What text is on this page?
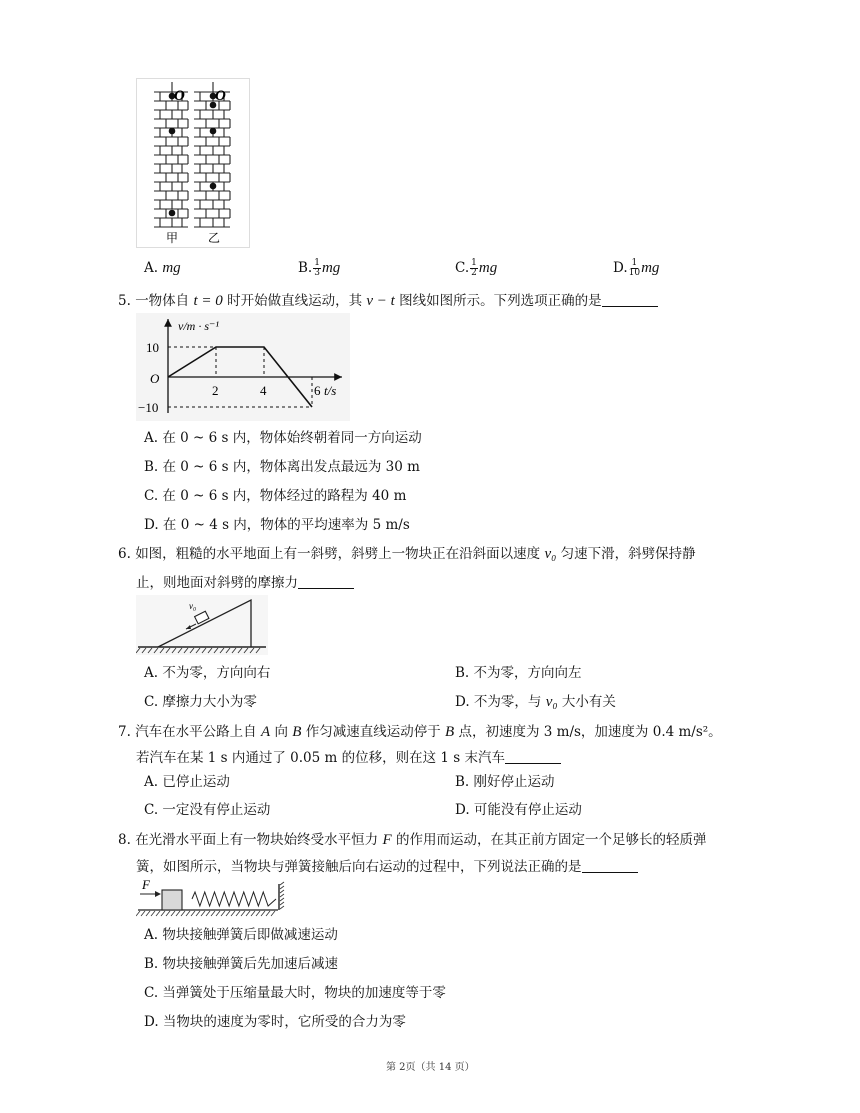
O O
甲 乙
A. mg	B. $\frac{1}{3}$ mg	C. $\frac{1}{2}$ mg	D. $\frac{1}{10}$ mg
5. 一物体自 t = 0 时开始做直线运动，其 v − t 图线如图所示。下列选项正确的是
v/m · s⁻¹
O
10
−10
2	4	6 t/s
A. 在 0 ~ 6 s 内，物体始终朝着同一方向运动
B. 在 0 ~ 6 s 内，物体离出发点最远为 30 m
C. 在 0 ~ 6 s 内，物体经过的路程为 40 m
D. 在 0 ~ 4 s 内，物体的平均速率为 5 m/s
6. 如图，粗糙的水平地面上有一斜劈，斜劈上一物块正在沿斜面以速度 v₀ 匀速下滑，斜劈保持静
止，则地面对斜劈的摩擦力
v₀
A. 不为零，方向向右	B. 不为零，方向向左
C. 摩擦力大小为零	D. 不为零，与 v₀ 大小有关
7. 汽车在水平公路上自 A 向 B 作匀减速直线运动停于 B 点，初速度为 3 m/s，加速度为 0.4 m/s²。
若汽车在某 1 s 内通过了 0.05 m 的位移，则在这 1 s 末汽车
A. 已停止运动	B. 刚好停止运动
C. 一定没有停止运动	D. 可能没有停止运动
8. 在光滑水平面上有一物块始终受水平恒力 F 的作用而运动，在其正前方固定一个足够长的轻质弹
簧，如图所示，当物块与弹簧接触后向右运动的过程中，下列说法正确的是
F
A. 物块接触弹簧后即做减速运动
B. 物块接触弹簧后先加速后减速
C. 当弹簧处于压缩量最大时，物块的加速度等于零
D. 当物块的速度为零时，它所受的合力为零
第 2页（共 14 页）
